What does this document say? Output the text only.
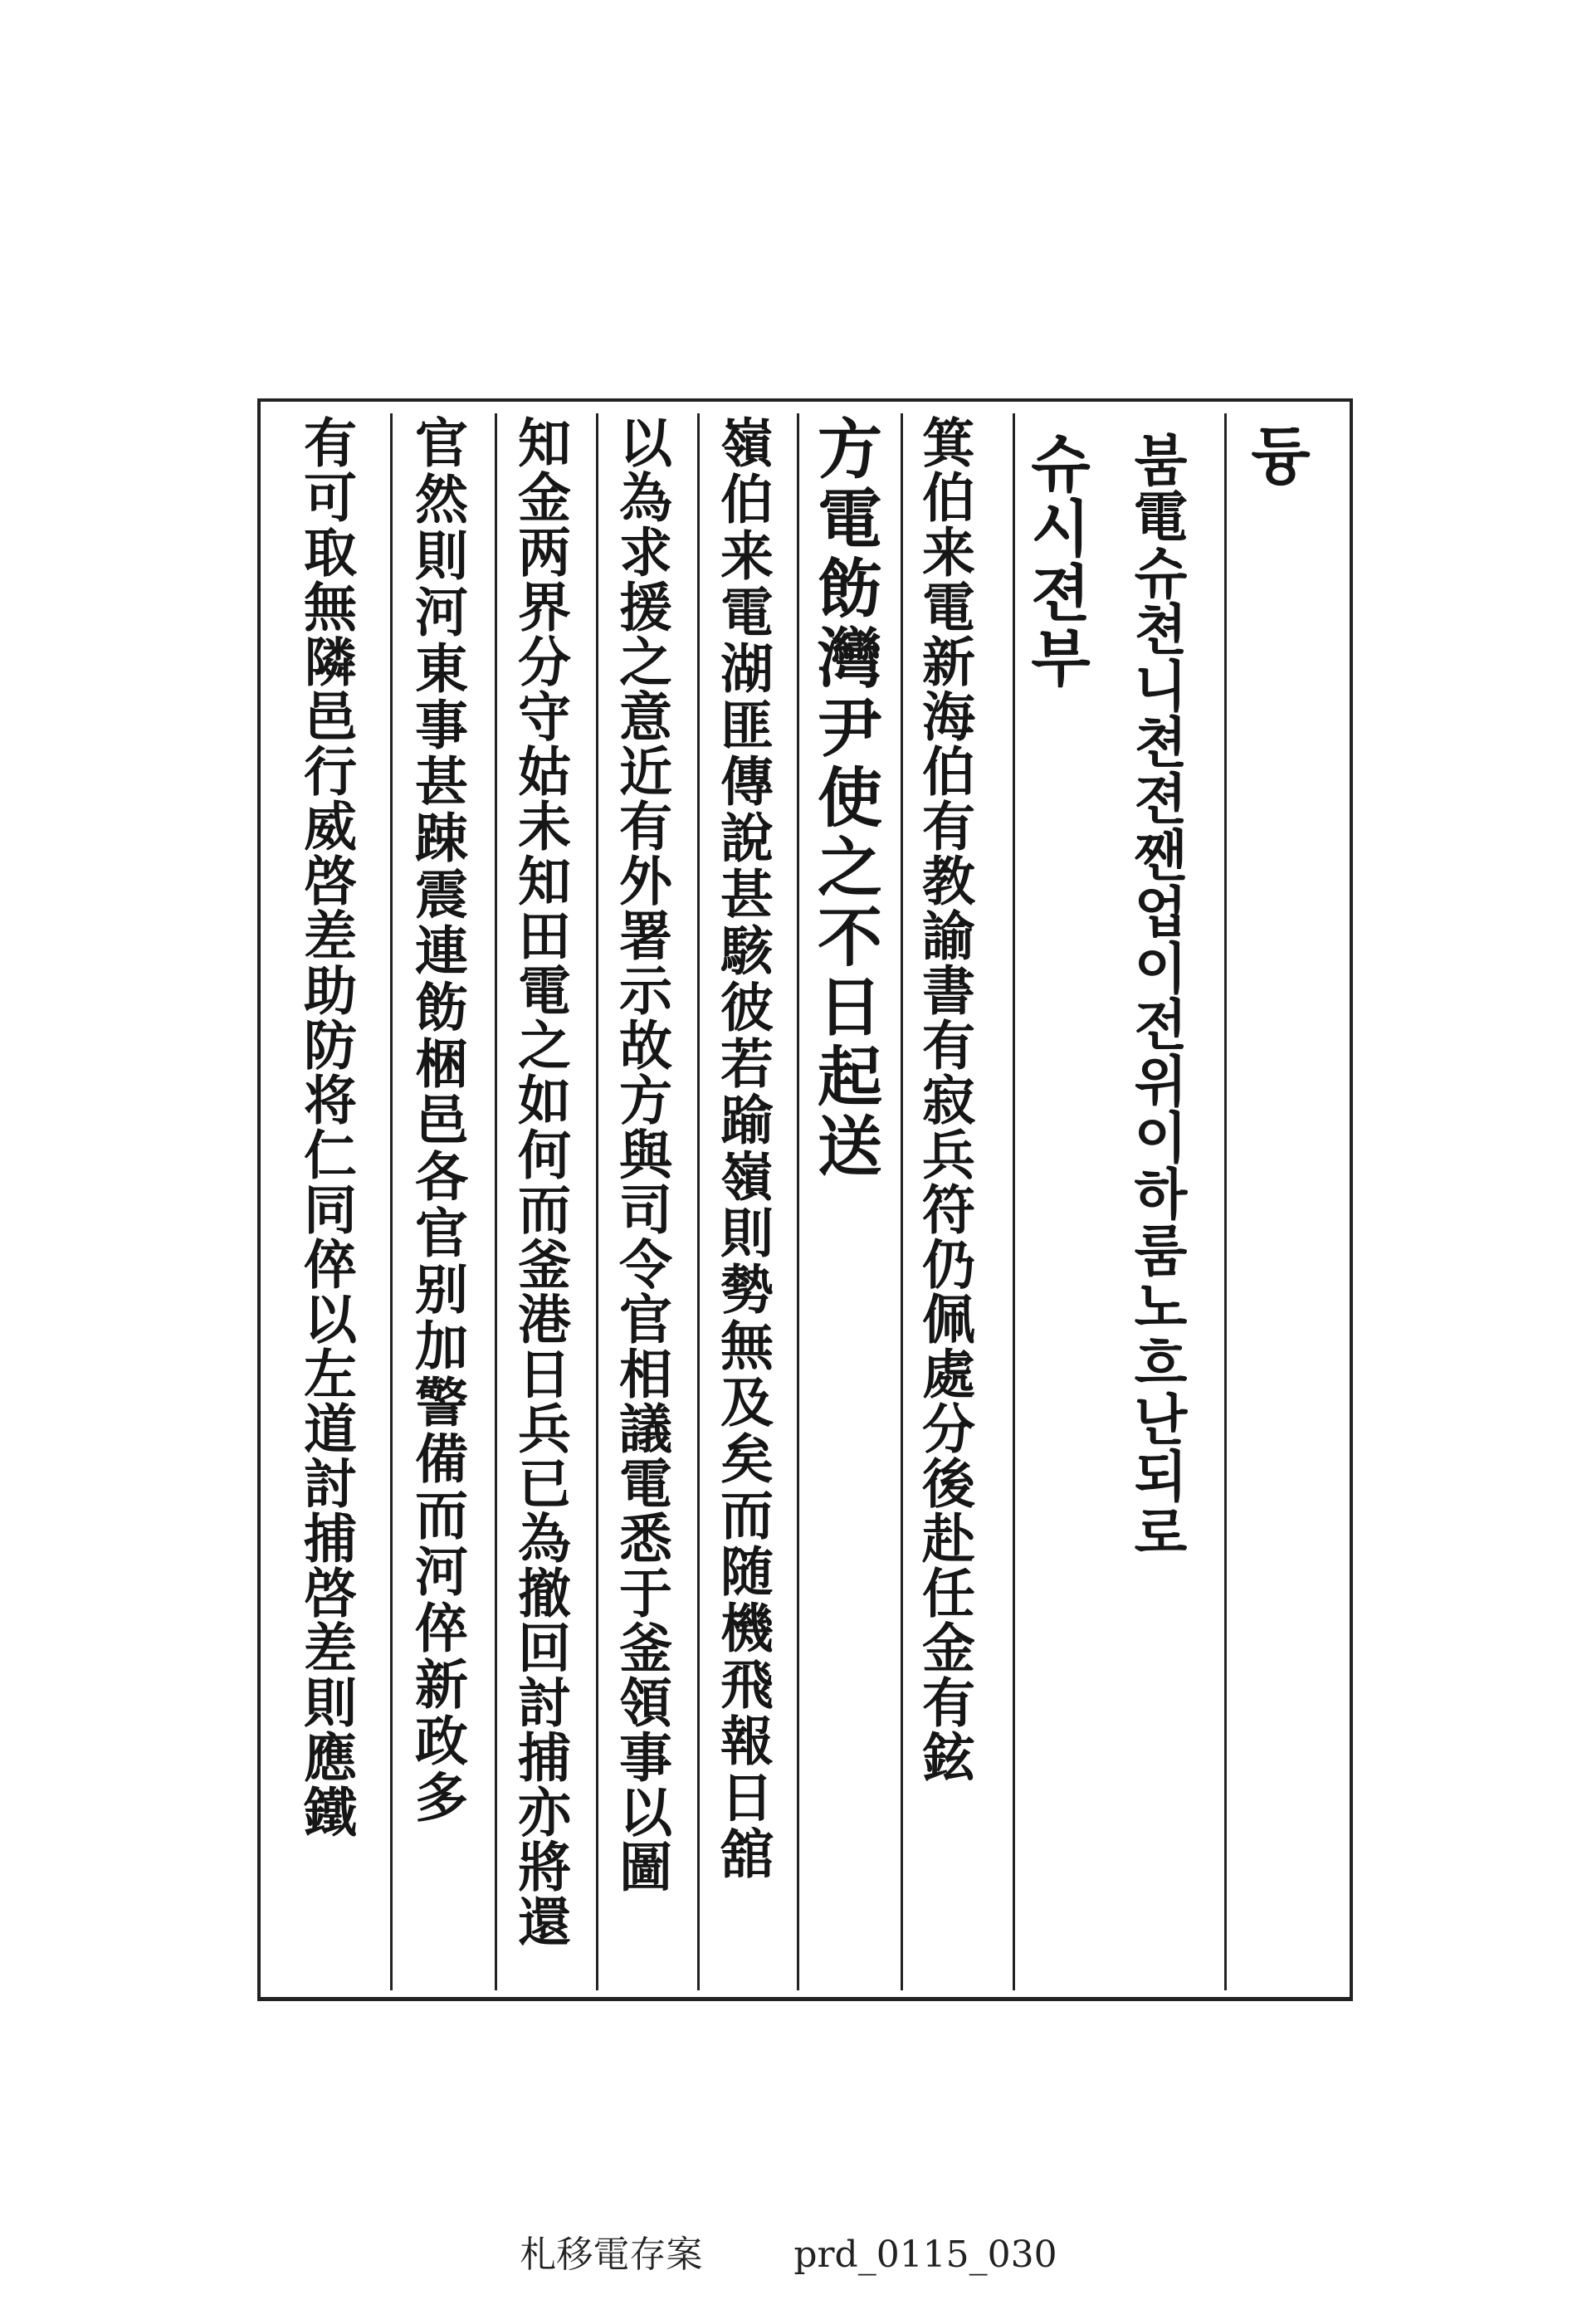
듕
붐電슈쳔니쳔젼짼업이전위이하룸노흐난되로
슈시젼부
箕伯来電新海伯有教諭書有寂兵符仍佩處分後赴任金有鉉
方電飭灣尹使之不日起送
嶺伯来電湖匪傳說甚駭彼若踰嶺則勢無及矣而随機飛報日舘
以為求援之意近有外署示故方與司令官相議電悉于釜領事以圖
知金两界分守姑未知田電之如何而釜港日兵已為撤回討捕亦將還
官然則河東事甚踈震連飭梱邑各官别加警備而河倅新政多
有可取無隣邑行威啓差助防将仁同倅以左道討捕啓差則應鐵
札移電存案	prd_0115_030
